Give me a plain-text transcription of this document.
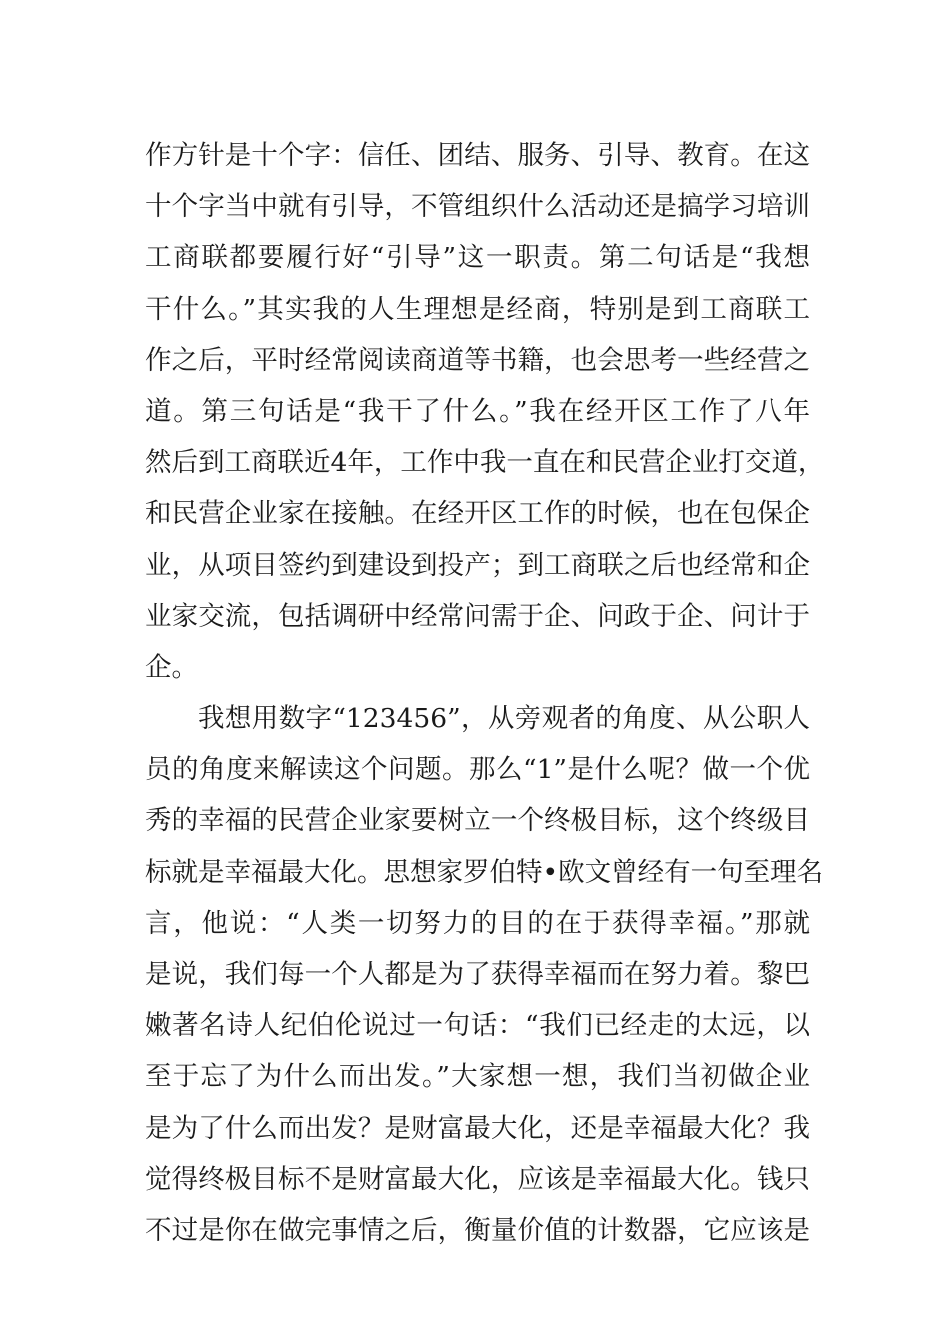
作方针是十个字：信任、团结、服务、引导、教育。在这
十个字当中就有引导，不管组织什么活动还是搞学习培训
工商联都要履行好“引导”这一职责。第二句话是“我想
干什么。”其实我的人生理想是经商，特别是到工商联工
作之后，平时经常阅读商道等书籍，也会思考一些经营之
道。第三句话是“我干了什么。”我在经开区工作了八年
然后到工商联近4年，工作中我一直在和民营企业打交道，
和民营企业家在接触。在经开区工作的时候，也在包保企
业，从项目签约到建设到投产；到工商联之后也经常和企
业家交流，包括调研中经常问需于企、问政于企、问计于
企。
我想用数字“123456”，从旁观者的角度、从公职人
员的角度来解读这个问题。那么“1”是什么呢？做一个优
秀的幸福的民营企业家要树立一个终极目标，这个终级目
标就是幸福最大化。思想家罗伯特•欧文曾经有一句至理名
言，他说：“人类一切努力的目的在于获得幸福。”那就
是说，我们每一个人都是为了获得幸福而在努力着。黎巴
嫩著名诗人纪伯伦说过一句话：“我们已经走的太远，以
至于忘了为什么而出发。”大家想一想，我们当初做企业
是为了什么而出发？是财富最大化，还是幸福最大化？我
觉得终极目标不是财富最大化，应该是幸福最大化。钱只
不过是你在做完事情之后，衡量价值的计数器，它应该是
